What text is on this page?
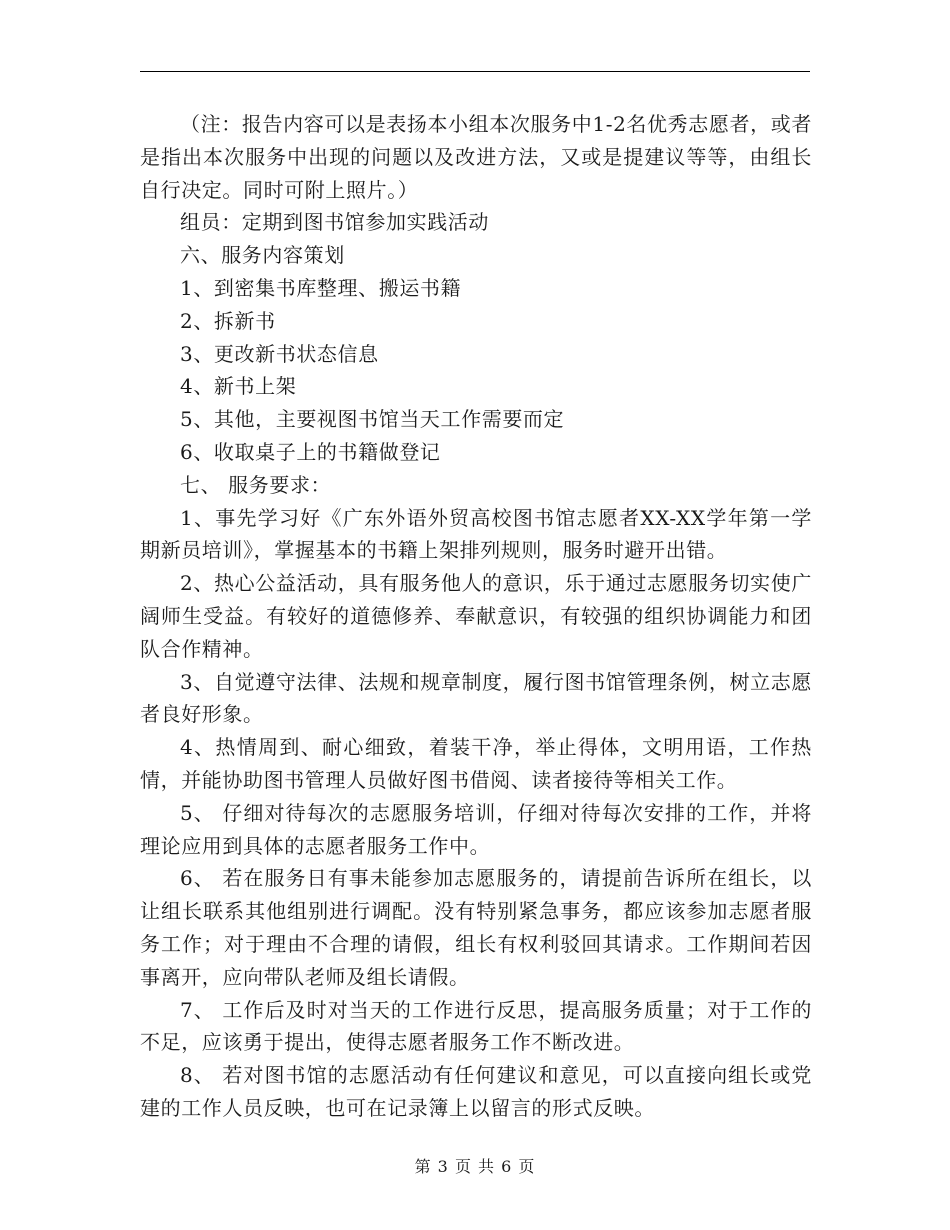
（注：报告内容可以是表扬本小组本次服务中1-2名优秀志愿者，或者是指出本次服务中出现的问题以及改进方法，又或是提建议等等，由组长自行决定。同时可附上照片。）

组员：定期到图书馆参加实践活动

六、服务内容策划

1、到密集书库整理、搬运书籍

2、拆新书

3、更改新书状态信息

4、新书上架

5、其他，主要视图书馆当天工作需要而定

6、收取桌子上的书籍做登记

七、 服务要求：

1、事先学习好《广东外语外贸高校图书馆志愿者XX-XX学年第一学期新员培训》，掌握基本的书籍上架排列规则，服务时避开出错。

2、热心公益活动，具有服务他人的意识，乐于通过志愿服务切实使广阔师生受益。有较好的道德修养、奉献意识，有较强的组织协调能力和团队合作精神。

3、自觉遵守法律、法规和规章制度，履行图书馆管理条例，树立志愿者良好形象。

4、热情周到、耐心细致，着装干净，举止得体，文明用语，工作热情，并能协助图书管理人员做好图书借阅、读者接待等相关工作。

5、 仔细对待每次的志愿服务培训，仔细对待每次安排的工作，并将理论应用到具体的志愿者服务工作中。

6、 若在服务日有事未能参加志愿服务的，请提前告诉所在组长，以让组长联系其他组别进行调配。没有特别紧急事务，都应该参加志愿者服务工作；对于理由不合理的请假，组长有权利驳回其请求。工作期间若因事离开，应向带队老师及组长请假。

7、 工作后及时对当天的工作进行反思，提高服务质量；对于工作的不足，应该勇于提出，使得志愿者服务工作不断改进。

8、 若对图书馆的志愿活动有任何建议和意见，可以直接向组长或党建的工作人员反映，也可在记录簿上以留言的形式反映。

第 3 页 共 6 页
